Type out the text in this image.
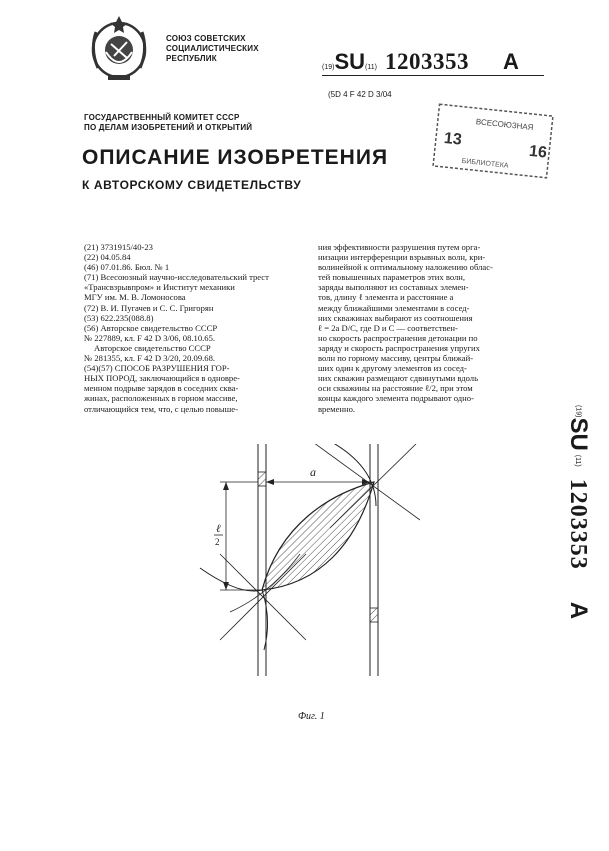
СОЮЗ СОВЕТСКИХ
СОЦИАЛИСТИЧЕСКИХ
РЕСПУБЛИК
(19)SU(11) 1203353 A
(5D 4 F 42 D 3/04
ГОСУДАРСТВЕННЫЙ КОМИТЕТ СССР
ПО ДЕЛАМ ИЗОБРЕТЕНИЙ И ОТКРЫТИЙ	ВСЕСОЮЗНАЯ
13
16
БИБЛИОТЕКА
ОПИСАНИЕ ИЗОБРЕТЕНИЯ
К АВТОРСКОМУ СВИДЕТЕЛЬСТВУ
(21) 3731915/40-23
(22) 04.05.84
(46) 07.01.86. Бюл. № 1
(71) Всесоюзный научно-исследовательский трест
«Трансвзрывпром» и Институт механики
МГУ им. М. В. Ломоносова
(72) В. И. Пугачев и С. С. Григорян
(53) 622.235(088.8)
(56) Авторское свидетельство СССР
№ 227889, кл. F 42 D 3/06, 08.10.65.
Авторское свидетельство СССР
№ 281355, кл. F 42 D 3/20, 20.09.68.
(54)(57) СПОСОБ РАЗРУШЕНИЯ ГОР-
НЫХ ПОРОД, заключающийся в одновре-
менном подрыве зарядов в соседних сква-
жинах, расположенных в горном массиве,
отличающийся тем, что, с целью повыше-
ния эффективности разрушения путем орга-
низации интерференции взрывных волн, кри-
волинейной к оптимальному наложению облас-
тей повышенных параметров этих волн,
заряды выполняют из составных элемен-
тов, длину ℓ элемента и расстояние a
между ближайшими элементами в сосед-
них скважинах выбирают из соотношения
ℓ = 2a D/C, где D и C — соответствен-
но скорость распространения детонации по
заряду и скорость распространения упругих
волн по горному массиву, центры ближай-
ших один к другому элементов из сосед-
них скважин размещают сдвинутыми вдоль
оси скважины на расстояние ℓ/2, при этом
концы каждого элемента подрывают одно-
временно.	(19)SU(11) 1203353 A
a
ℓ
2
Фиг. 1
